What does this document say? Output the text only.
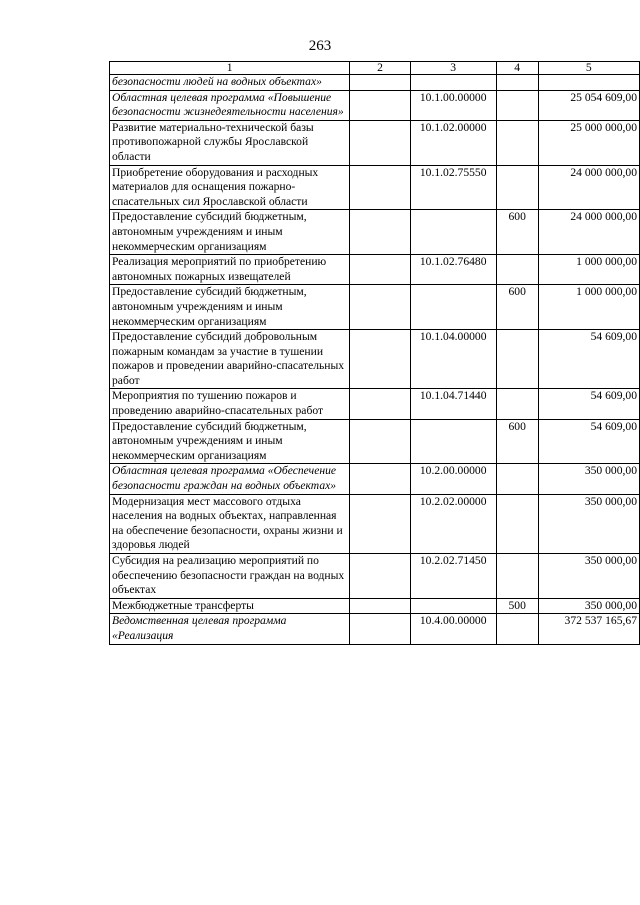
263
1	2	3	4	5
безопасности людей на водных объектах»				
Областная целевая программа «Повышение безопасности жизнедеятельности населения»		10.1.00.00000		25 054 609,00
Развитие материально-технической базы противопожарной службы Ярославской области		10.1.02.00000		25 000 000,00
Приобретение оборудования и расходных материалов для оснащения пожарно-спасательных сил Ярославской области		10.1.02.75550		24 000 000,00
Предоставление субсидий бюджетным, автономным учреждениям и иным некоммерческим организациям			600	24 000 000,00
Реализация мероприятий по приобретению автономных пожарных извещателей		10.1.02.76480		1 000 000,00
Предоставление субсидий бюджетным, автономным учреждениям и иным некоммерческим организациям			600	1 000 000,00
Предоставление субсидий добровольным пожарным командам за участие в тушении пожаров и проведении аварийно-спасательных работ		10.1.04.00000		54 609,00
Мероприятия по тушению пожаров и проведению аварийно-спасательных работ		10.1.04.71440		54 609,00
Предоставление субсидий бюджетным, автономным учреждениям и иным некоммерческим организациям			600	54 609,00
Областная целевая программа «Обеспечение безопасности граждан на водных объектах»		10.2.00.00000		350 000,00
Модернизация мест массового отдыха населения на водных объектах, направленная на обеспечение безопасности, охраны жизни и здоровья людей		10.2.02.00000		350 000,00
Субсидия на реализацию мероприятий по обеспечению безопасности граждан на водных объектах		10.2.02.71450		350 000,00
Межбюджетные трансферты			500	350 000,00
Ведомственная целевая программа «Реализация		10.4.00.00000		372 537 165,67
